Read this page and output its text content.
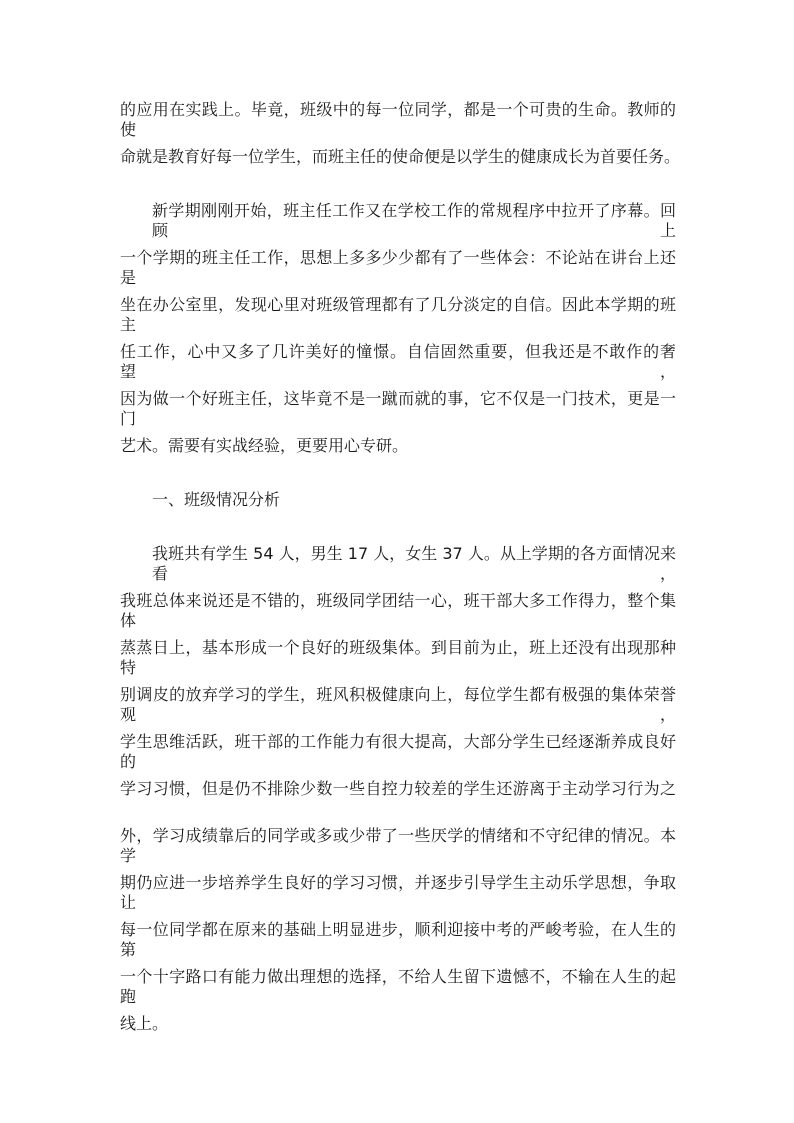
的应用在实践上。毕竟，班级中的每一位同学，都是一个可贵的生命。教师的使
命就是教育好每一位学生，而班主任的使命便是以学生的健康成长为首要任务。
新学期刚刚开始，班主任工作又在学校工作的常规程序中拉开了序幕。回顾上
一个学期的班主任工作，思想上多多少少都有了一些体会：不论站在讲台上还是
坐在办公室里，发现心里对班级管理都有了几分淡定的自信。因此本学期的班主
任工作，心中又多了几许美好的憧憬。自信固然重要，但我还是不敢作的奢望，
因为做一个好班主任，这毕竟不是一蹴而就的事，它不仅是一门技术，更是一门
艺术。需要有实战经验，更要用心专研。
一、班级情况分析
我班共有学生 54 人，男生 17 人，女生 37 人。从上学期的各方面情况来看，
我班总体来说还是不错的，班级同学团结一心，班干部大多工作得力，整个集体
蒸蒸日上，基本形成一个良好的班级集体。到目前为止，班上还没有出现那种特
别调皮的放弃学习的学生，班风积极健康向上，每位学生都有极强的集体荣誉观，
学生思维活跃，班干部的工作能力有很大提高，大部分学生已经逐渐养成良好的
学习习惯，但是仍不排除少数一些自控力较差的学生还游离于主动学习行为之
外，学习成绩靠后的同学或多或少带了一些厌学的情绪和不守纪律的情况。本学
期仍应进一步培养学生良好的学习习惯，并逐步引导学生主动乐学思想，争取让
每一位同学都在原来的基础上明显进步，顺利迎接中考的严峻考验，在人生的第
一个十字路口有能力做出理想的选择，不给人生留下遗憾不，不输在人生的起跑
线上。
